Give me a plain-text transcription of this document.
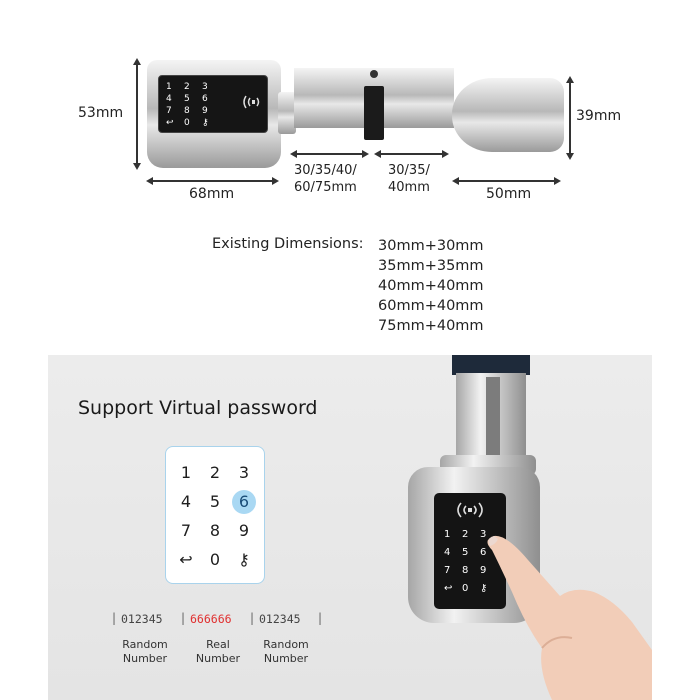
1 2 3
4 5 6
7 8 9
↩ 0 ⚷
53mm	39mm
68mm
30/35/40/
60/75mm
30/35/
40mm	50mm
Existing Dimensions: 30mm+30mm
35mm+35mm
40mm+40mm
60mm+40mm
75mm+40mm
Support Virtual password
1	2	3
4	5	6
7	8	9
↩	0	⚷
| 012345 | 666666 | 012345 |
Random
Number
Real
Number
Random
Number
1 2 3
4 5 6
7 8 9
↩ 0 ⚷
